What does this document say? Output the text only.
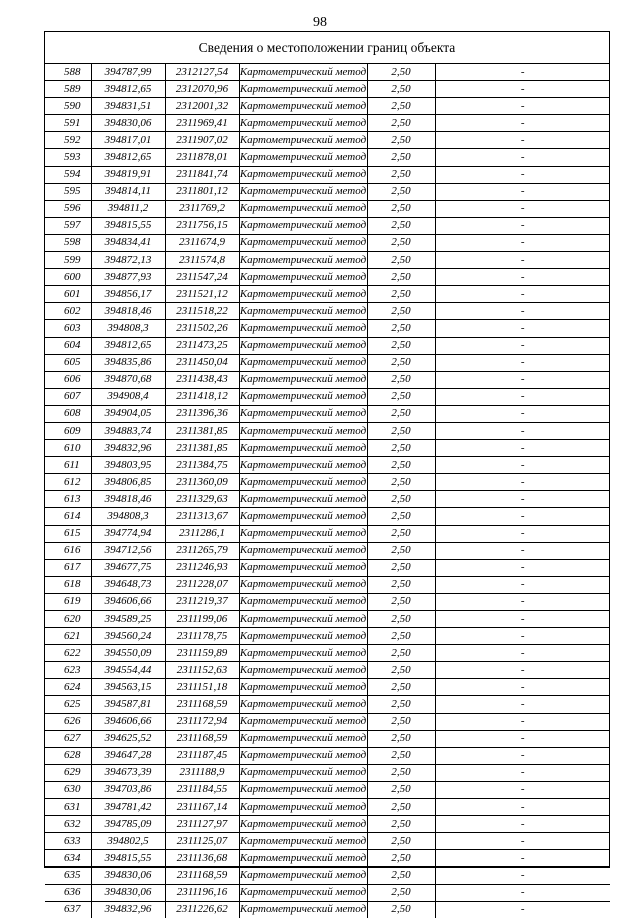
98
Сведения о местоположении границ объекта
588	394787,99	2312127,54	Картометрический метод	2,50	-
589	394812,65	2312070,96	Картометрический метод	2,50	-
590	394831,51	2312001,32	Картометрический метод	2,50	-
591	394830,06	2311969,41	Картометрический метод	2,50	-
592	394817,01	2311907,02	Картометрический метод	2,50	-
593	394812,65	2311878,01	Картометрический метод	2,50	-
594	394819,91	2311841,74	Картометрический метод	2,50	-
595	394814,11	2311801,12	Картометрический метод	2,50	-
596	394811,2	2311769,2	Картометрический метод	2,50	-
597	394815,55	2311756,15	Картометрический метод	2,50	-
598	394834,41	2311674,9	Картометрический метод	2,50	-
599	394872,13	2311574,8	Картометрический метод	2,50	-
600	394877,93	2311547,24	Картометрический метод	2,50	-
601	394856,17	2311521,12	Картометрический метод	2,50	-
602	394818,46	2311518,22	Картометрический метод	2,50	-
603	394808,3	2311502,26	Картометрический метод	2,50	-
604	394812,65	2311473,25	Картометрический метод	2,50	-
605	394835,86	2311450,04	Картометрический метод	2,50	-
606	394870,68	2311438,43	Картометрический метод	2,50	-
607	394908,4	2311418,12	Картометрический метод	2,50	-
608	394904,05	2311396,36	Картометрический метод	2,50	-
609	394883,74	2311381,85	Картометрический метод	2,50	-
610	394832,96	2311381,85	Картометрический метод	2,50	-
611	394803,95	2311384,75	Картометрический метод	2,50	-
612	394806,85	2311360,09	Картометрический метод	2,50	-
613	394818,46	2311329,63	Картометрический метод	2,50	-
614	394808,3	2311313,67	Картометрический метод	2,50	-
615	394774,94	2311286,1	Картометрический метод	2,50	-
616	394712,56	2311265,79	Картометрический метод	2,50	-
617	394677,75	2311246,93	Картометрический метод	2,50	-
618	394648,73	2311228,07	Картометрический метод	2,50	-
619	394606,66	2311219,37	Картометрический метод	2,50	-
620	394589,25	2311199,06	Картометрический метод	2,50	-
621	394560,24	2311178,75	Картометрический метод	2,50	-
622	394550,09	2311159,89	Картометрический метод	2,50	-
623	394554,44	2311152,63	Картометрический метод	2,50	-
624	394563,15	2311151,18	Картометрический метод	2,50	-
625	394587,81	2311168,59	Картометрический метод	2,50	-
626	394606,66	2311172,94	Картометрический метод	2,50	-
627	394625,52	2311168,59	Картометрический метод	2,50	-
628	394647,28	2311187,45	Картометрический метод	2,50	-
629	394673,39	2311188,9	Картометрический метод	2,50	-
630	394703,86	2311184,55	Картометрический метод	2,50	-
631	394781,42	2311167,14	Картометрический метод	2,50	-
632	394785,09	2311127,97	Картометрический метод	2,50	-
633	394802,5	2311125,07	Картометрический метод	2,50	-
634	394815,55	2311136,68	Картометрический метод	2,50	-
635	394830,06	2311168,59	Картометрический метод	2,50	-
636	394830,06	2311196,16	Картометрический метод	2,50	-
637	394832,96	2311226,62	Картометрический метод	2,50	-
